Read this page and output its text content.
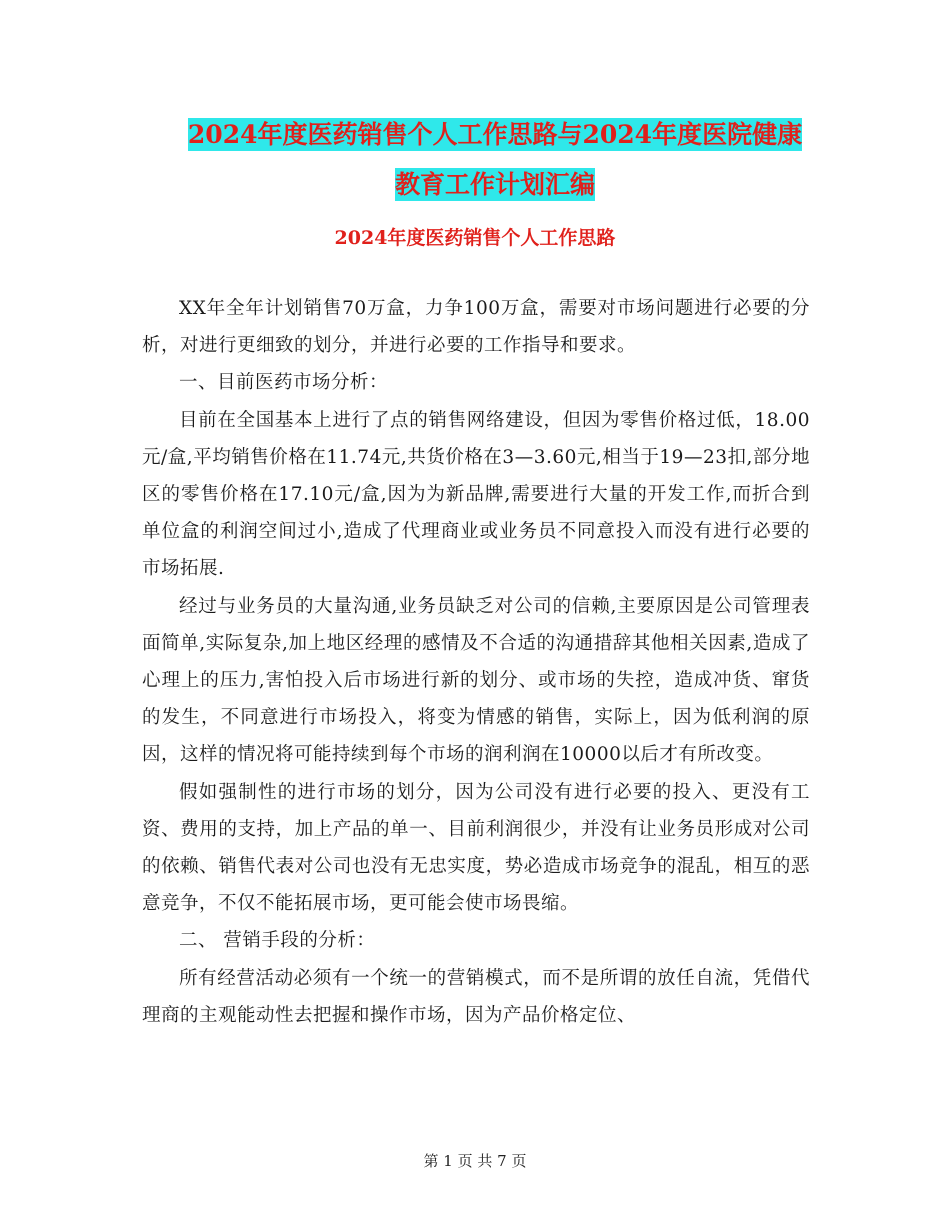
2024年度医药销售个人工作思路与2024年度医院健康
教育工作计划汇编
2024年度医药销售个人工作思路

XX年全年计划销售70万盒，力争100万盒，需要对市场问题进行必要的分析，对进行更细致的划分，并进行必要的工作指导和要求。

一、目前医药市场分析：

目前在全国基本上进行了点的销售网络建设，但因为零售价格过低，18.00元/盒,平均销售价格在11.74元,共货价格在3—3.60元,相当于19—23扣,部分地区的零售价格在17.10元/盒,因为为新品牌,需要进行大量的开发工作,而折合到单位盒的利润空间过小,造成了代理商业或业务员不同意投入而没有进行必要的市场拓展.

经过与业务员的大量沟通,业务员缺乏对公司的信赖,主要原因是公司管理表面简单,实际复杂,加上地区经理的感情及不合适的沟通措辞其他相关因素,造成了心理上的压力,害怕投入后市场进行新的划分、或市场的失控，造成冲货、窜货的发生，不同意进行市场投入，将变为情感的销售，实际上，因为低利润的原因，这样的情况将可能持续到每个市场的润利润在10000以后才有所改变。

假如强制性的进行市场的划分，因为公司没有进行必要的投入、更没有工资、费用的支持，加上产品的单一、目前利润很少，并没有让业务员形成对公司的依赖、销售代表对公司也没有无忠实度，势必造成市场竞争的混乱，相互的恶意竞争，不仅不能拓展市场，更可能会使市场畏缩。

二、 营销手段的分析：

所有经营活动必须有一个统一的营销模式，而不是所谓的放任自流，凭借代理商的主观能动性去把握和操作市场，因为产品价格定位、

第 1 页 共 7 页
